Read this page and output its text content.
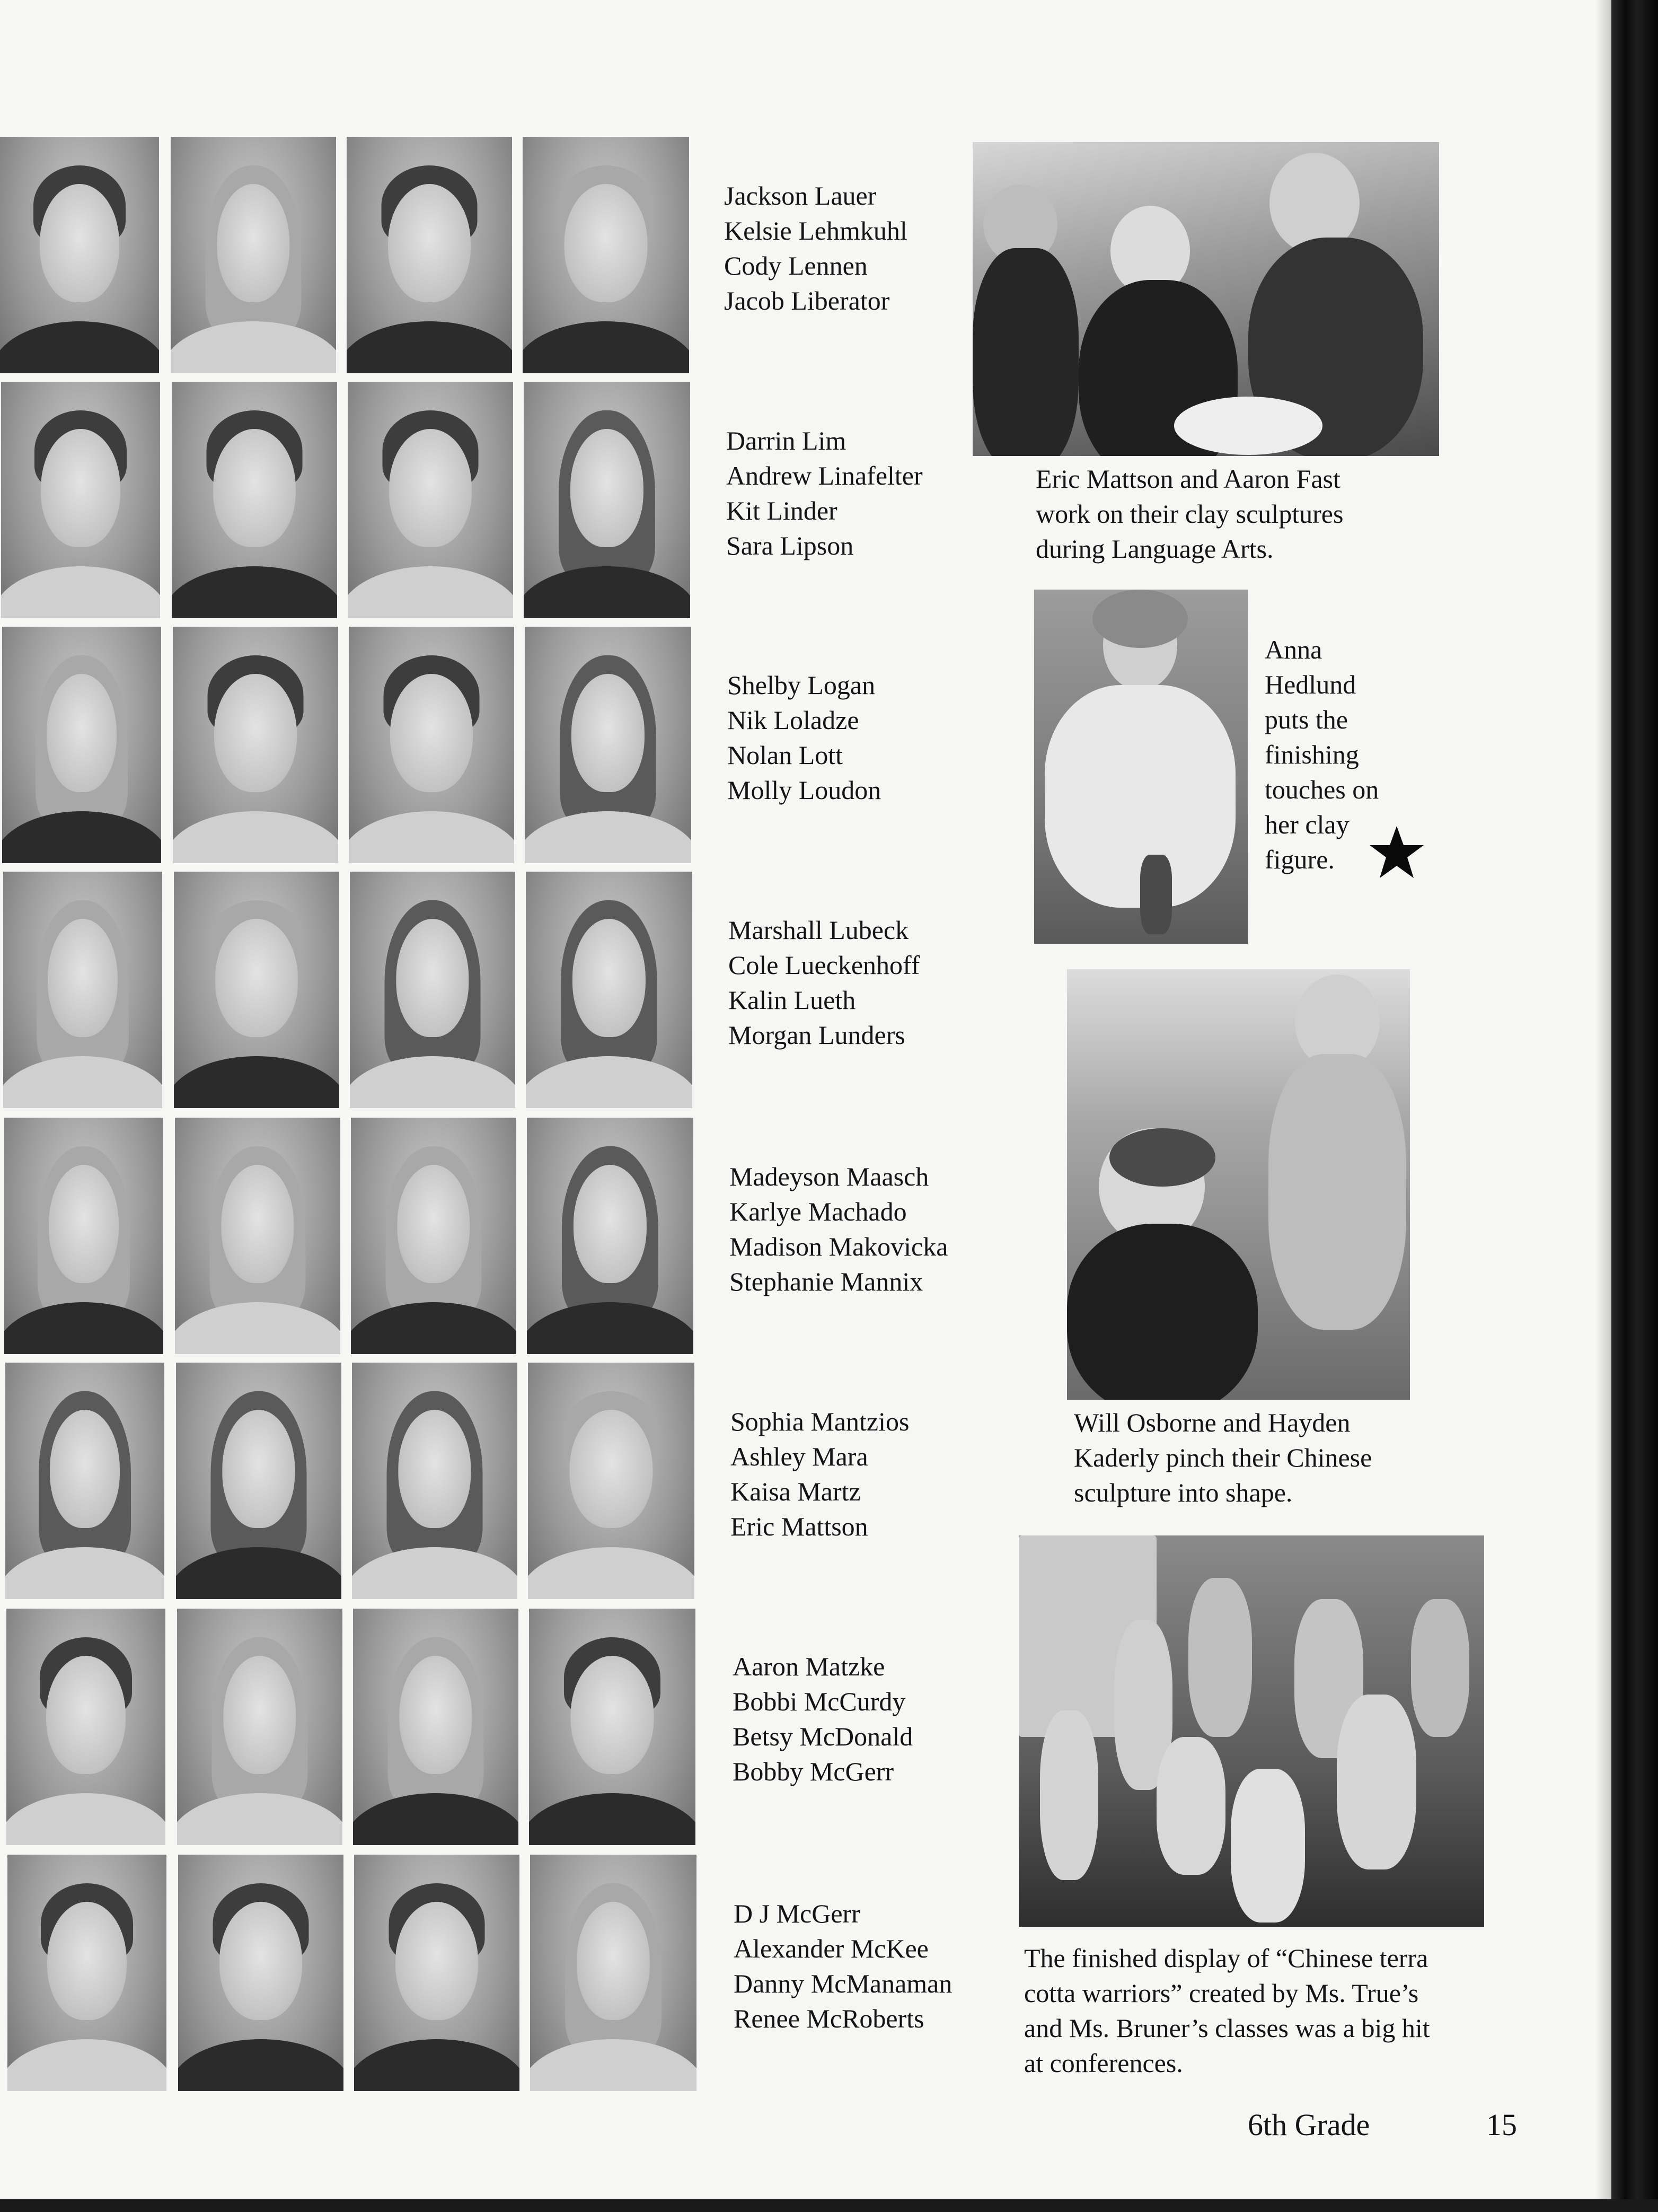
Jackson Lauer
Kelsie Lehmkuhl
Cody Lennen
Jacob Liberator
Darrin Lim
Andrew Linafelter
Kit Linder
Sara Lipson
Shelby Logan
Nik Loladze
Nolan Lott
Molly Loudon
Marshall Lubeck
Cole Lueckenhoff
Kalin Lueth
Morgan Lunders
Madeyson Maasch
Karlye Machado
Madison Makovicka
Stephanie Mannix
Sophia Mantzios
Ashley Mara
Kaisa Martz
Eric Mattson
Aaron Matzke
Bobbi McCurdy
Betsy McDonald
Bobby McGerr
D J McGerr
Alexander McKee
Danny McManaman
Renee McRoberts
Eric Mattson and Aaron Fast
work on their clay sculptures
during Language Arts.
Anna
Hedlund
puts the
finishing
touches on
her clay
figure.
Will Osborne and Hayden
Kaderly pinch their Chinese
sculpture into shape.
The finished display of “Chinese terra
cotta warriors” created by Ms. True’s
and Ms. Bruner’s classes was a big hit
at conferences.
6th Grade	15
